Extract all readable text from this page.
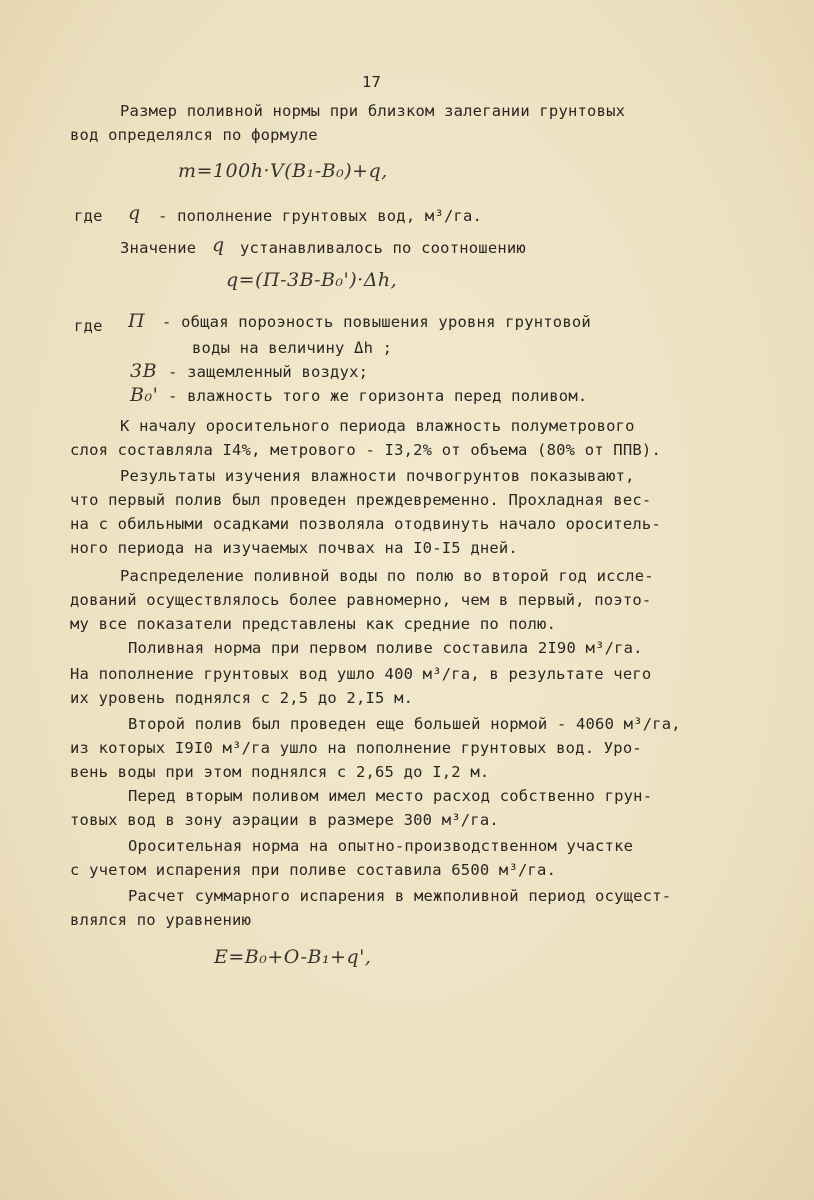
17
Размер поливной нормы при близком залегании грунтовых
вод определялся по формуле
m=100h·V(B₁-B₀)+q,
где q - пополнение грунтовых вод, м³/га.
Значение q устанавливалось по соотношению
q=(П-3В-B₀')·Δh,
где П - общая пороэность повышения уровня грунтовой
воды на величину Δh ;
3В - защемленный воздух;
B₀' - влажность того же горизонта перед поливом.
К началу оросительного периода влажность полуметрового
слоя составляла I4%, метрового - I3,2% от объема (80% от ППВ).
Результаты изучения влажности почвогрунтов показывают,
что первый полив был проведен преждевременно. Прохладная вес-
на с обильными осадками позволяла отодвинуть начало ороситель-
ного периода на изучаемых почвах на I0-I5 дней.
Распределение поливной воды по полю во второй год иссле-
дований осуществлялось более равномерно, чем в первый, поэто-
му все показатели представлены как средние по полю.
Поливная норма при первом поливе составила 2I90 м³/га.
На пополнение грунтовых вод ушло 400 м³/га, в результате чего
их уровень поднялся с 2,5 до 2,I5 м.
Второй полив был проведен еще большей нормой - 4060 м³/га,
из которых I9I0 м³/га ушло на пополнение грунтовых вод. Уро-
вень воды при этом поднялся с 2,65 до I,2 м.
Перед вторым поливом имел место расход собственно грун-
товых вод в зону аэрации в размере 300 м³/га.
Оросительная норма на опытно-производственном участке
с учетом испарения при поливе составила 6500 м³/га.
Расчет суммарного испарения в межполивной период осущест-
влялся по уравнению
E=B₀+O-B₁+q',
